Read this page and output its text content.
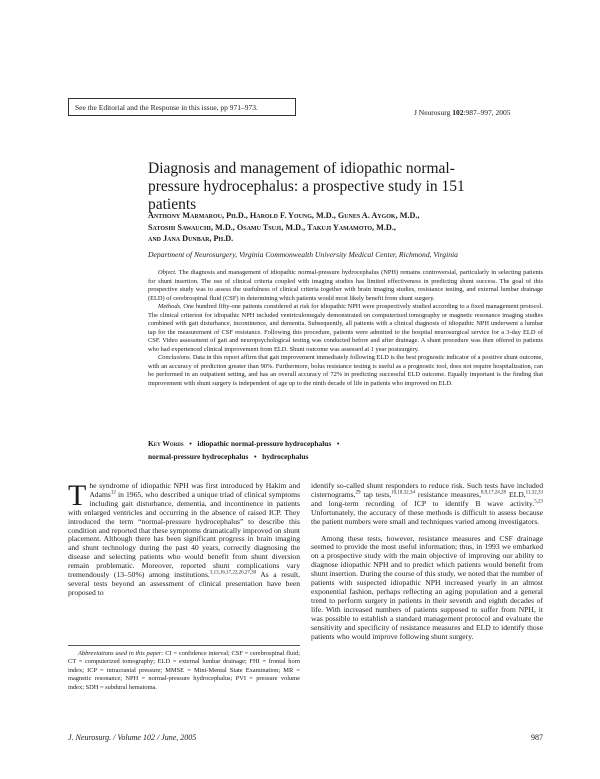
See the Editorial and the Response in this issue, pp 971–973.
J Neurosurg 102:987–997, 2005
Diagnosis and management of idiopathic normal-pressure hydrocephalus: a prospective study in 151 patients
Anthony Marmarou, Ph.D., Harold F. Young, M.D., Gunes A. Aygok, M.D.,
Satoshi Sawauchi, M.D., Osamu Tsuji, M.D., Takuji Yamamoto, M.D.,
and Jana Dunbar, Ph.D.
Department of Neurosurgery, Virginia Commonwealth University Medical Center, Richmond, Virginia

Object. The diagnosis and management of idiopathic normal-pressure hydrocephalus (NPH) remains controversial, particularly in selecting patients for shunt insertion. The use of clinical criteria coupled with imaging studies has limited effectiveness in predicting shunt success. The goal of this prospective study was to assess the usefulness of clinical criteria together with brain imaging studies, resistance testing, and external lumbar drainage (ELD) of cerebrospinal fluid (CSF) in determining which patients would most likely benefit from shunt surgery.

Methods. One hundred fifty-one patients considered at risk for idiopathic NPH were prospectively studied according to a fixed management protocol. The clinical criterion for idiopathic NPH included ventriculomegaly demonstrated on computerized tomography or magnetic resonance imaging studies combined with gait disturbance, incontinence, and dementia. Subsequently, all patients with a clinical diagnosis of idiopathic NPH underwent a lumbar tap for the measurement of CSF resistance. Following this procedure, patients were admitted to the hospital neurosurgical service for a 3-day ELD of CSF. Video assessment of gait and neuropsychological testing was conducted before and after drainage. A shunt procedure was then offered to patients who had experienced clinical improvement from ELD. Shunt outcome was assessed at 1 year postsurgery.

Conclusions. Data in this report affirm that gait improvement immediately following ELD is the best prognostic indicator of a positive shunt outcome, with an accuracy of prediction greater than 90%. Furthermore, bolus resistance testing is useful as a prognostic tool, does not require hospitalization, can be performed in an outpatient setting, and has an overall accuracy of 72% in predicting successful ELD outcome. Equally important is the finding that improvement with shunt surgery is independent of age up to the ninth decade of life in patients who improved on ELD.

Key Words • idiopathic normal-pressure hydrocephalus •
normal-pressure hydrocephalus • hydrocephalus

The syndrome of idiopathic NPH was first introduced by Hakim and Adams$^{12}$ in 1965, who described a unique triad of clinical symptoms including gait disturbance, dementia, and incontinence in patients with enlarged ventricles and occurring in the absence of raised ICP. They introduced the term “normal-pressure hydrocephalus” to describe this condition and reported that these symptoms dramatically improved on shunt placement. Although there has been significant progress in brain imaging and shunt technology during the past 40 years, correctly diagnosing the disease and selecting patients who would benefit from shunt diversion remain problematic. Moreover, reported shunt complications vary tremendously (13–50%) among institutions.$^{3,13,16,17,22,26,27,30}$ As a result, several tests beyond an assessment of clinical presentation have been proposed to

Abbreviations used in this paper: CI = confidence interval; CSF = cerebrospinal fluid; CT = computerized tomography; ELD = external lumbar drainage; FHI = frontal horn index; ICP = intracranial pressure; MMSE = Mini-Mental State Examination; MR = magnetic resonance; NPH = normal-pressure hydrocephalus; PVI = pressure volume index; SDH = subdural hematoma.

identify so-called shunt responders to reduce risk. Such tests have included cisternograms,$^{29}$ tap tests,$^{10,18,32,34}$ resistance measures,$^{8,9,17,24,28}$ ELD,$^{11,32,33}$ and long-term recording of ICP to identify B wave activity.$^{5,23}$ Unfortunately, the accuracy of these methods is difficult to assess because the patient numbers were small and techniques varied among investigators.

Among these tests, however, resistance measures and CSF drainage seemed to provide the most useful information; thus, in 1993 we embarked on a prospective study with the main objective of improving our ability to diagnose idiopathic NPH and to predict which patients would benefit from shunt insertion. During the course of this study, we noted that the number of patients with suspected idiopathic NPH increased yearly in an almost exponential fashion, perhaps reflecting an aging population and a general trend to perform surgery in patients in their seventh and eighth decades of life. With increased numbers of patients supposed to suffer from NPH, it was possible to establish a standard management protocol and evaluate the sensitivity and specificity of resistance measures and ELD to identify those patients who would improve following shunt surgery.

J. Neurosurg. / Volume 102 / June, 2005	987
